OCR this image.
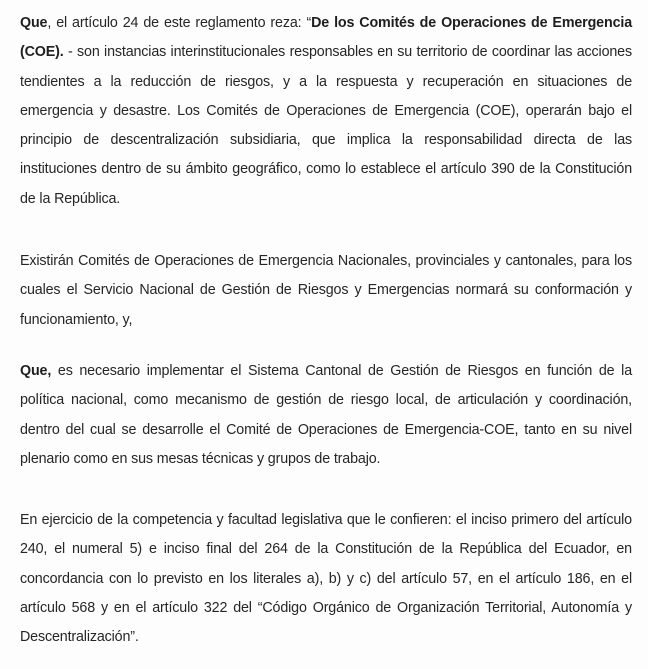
Que, el artículo 24 de este reglamento reza: “De los Comités de Operaciones de Emergencia (COE). - son instancias interinstitucionales responsables en su territorio de coordinar las acciones tendientes a la reducción de riesgos, y a la respuesta y recuperación en situaciones de emergencia y desastre. Los Comités de Operaciones de Emergencia (COE), operarán bajo el principio de descentralización subsidiaria, que implica la responsabilidad directa de las instituciones dentro de su ámbito geográfico, como lo establece el artículo 390 de la Constitución de la República.

Existirán Comités de Operaciones de Emergencia Nacionales, provinciales y cantonales, para los cuales el Servicio Nacional de Gestión de Riesgos y Emergencias normará su conformación y funcionamiento, y,

Que, es necesario implementar el Sistema Cantonal de Gestión de Riesgos en función de la política nacional, como mecanismo de gestión de riesgo local, de articulación y coordinación, dentro del cual se desarrolle el Comité de Operaciones de Emergencia-COE, tanto en su nivel plenario como en sus mesas técnicas y grupos de trabajo.

En ejercicio de la competencia y facultad legislativa que le confieren: el inciso primero del artículo 240, el numeral 5) e inciso final del 264 de la Constitución de la República del Ecuador, en concordancia con lo previsto en los literales a), b) y c) del artículo 57, en el artículo 186, en el artículo 568 y en el artículo 322 del “Código Orgánico de Organización Territorial, Autonomía y Descentralización”.
